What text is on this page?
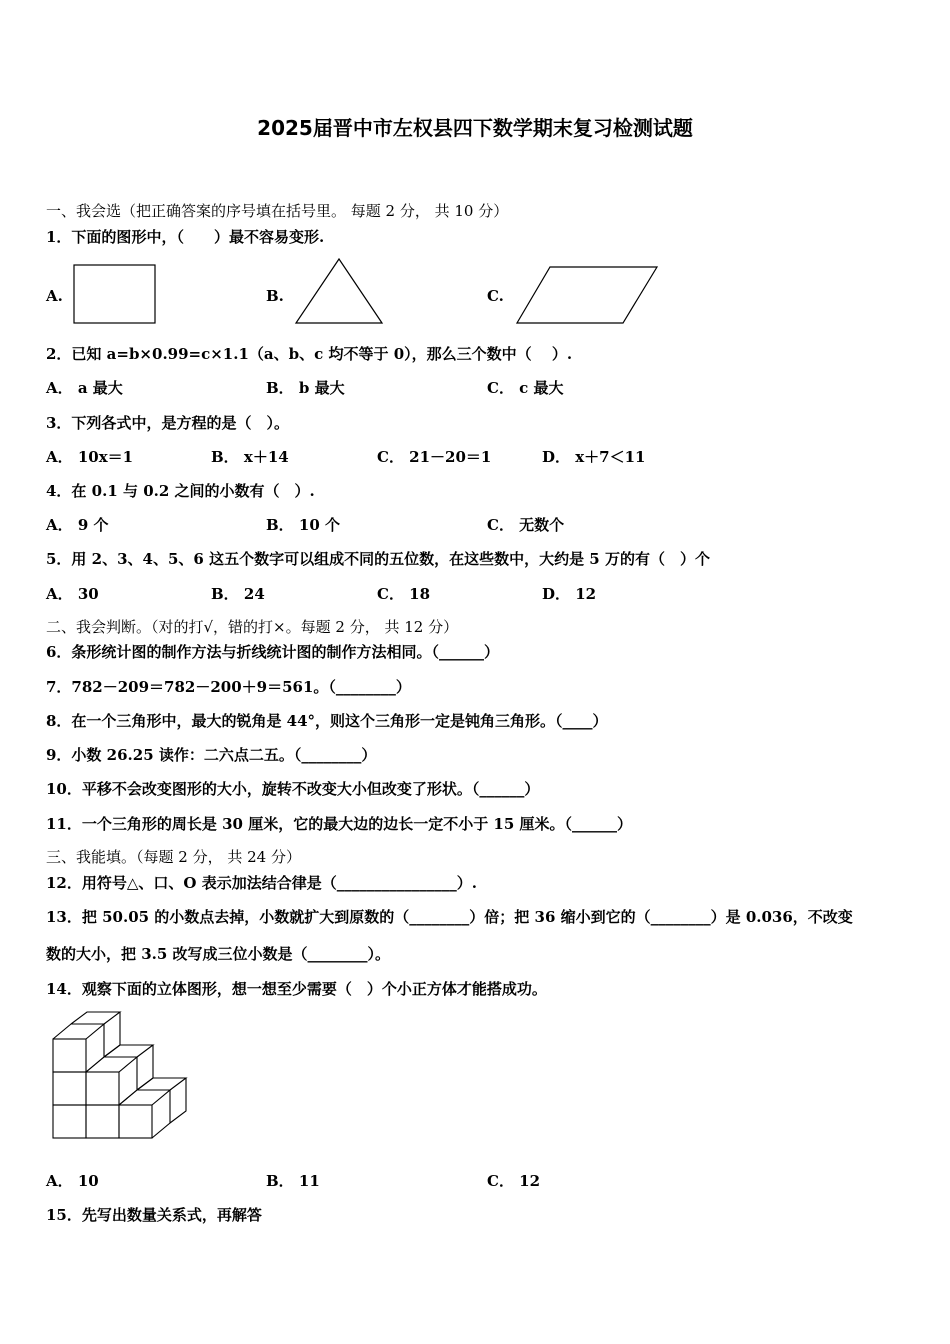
2025届晋中市左权县四下数学期末复习检测试题
一、我会选（把正确答案的序号填在括号里。 每题 2 分， 共 10 分）
1．下面的图形中，（　　）最不容易变形.
A.	B.	C.
2．已知 a=b×0.99=c×1.1（a、b、c 均不等于 0），那么三个数中（　 ）.
A． a 最大	B． b 最大	C． c 最大
3．下列各式中，是方程的是（　）。
A． 10x＝1	B． x＋14	C． 21－20＝1	D． x＋7＜11
4．在 0.1 与 0.2 之间的小数有（　）.
A． 9 个	B． 10 个	C． 无数个
5．用 2、3、4、5、6 这五个数字可以组成不同的五位数，在这些数中，大约是 5 万的有（　）个
A． 30	B． 24	C． 18	D． 12
二、我会判断。（对的打√，错的打×。每题 2 分， 共 12 分）
6．条形统计图的制作方法与折线统计图的制作方法相同。（______）
7．782－209＝782－200＋9＝561。（________）
8．在一个三角形中，最大的锐角是 44°，则这个三角形一定是钝角三角形。（____）
9．小数 26.25 读作：二六点二五。（________）
10．平移不会改变图形的大小，旋转不改变大小但改变了形状。（______）
11．一个三角形的周长是 30 厘米，它的最大边的边长一定不小于 15 厘米。（______）
三、我能填。（每题 2 分， 共 24 分）
12．用符号△、口、O 表示加法结合律是（________________）.
13．把 50.05 的小数点去掉，小数就扩大到原数的（________）倍；把 36 缩小到它的（________）是 0.036，不改变
数的大小，把 3.5 改写成三位小数是（________）。
14．观察下面的立体图形，想一想至少需要（　）个小正方体才能搭成功。
A． 10	B． 11	C． 12
15．先写出数量关系式，再解答
